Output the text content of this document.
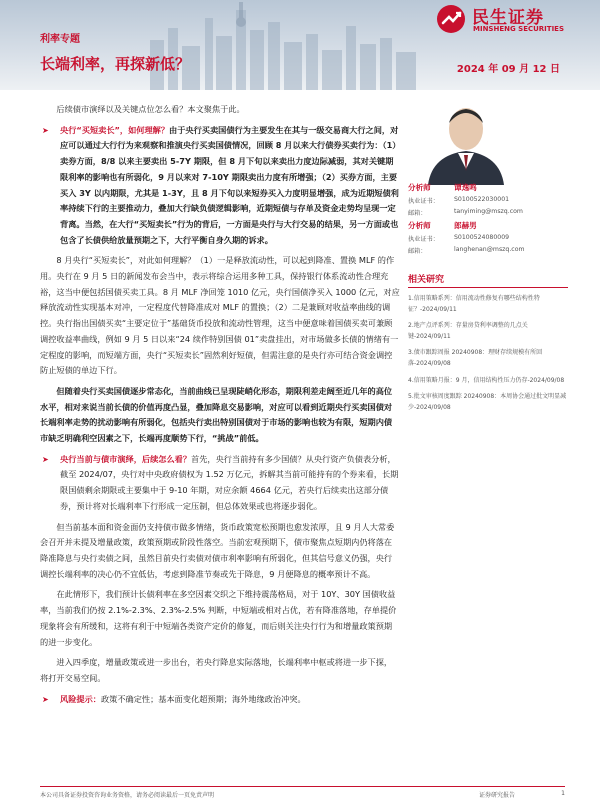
利率专题
长端利率，再探新低？	2024 年 09 月 12 日
民生证券
MINSHENG SECURITIES

后续债市演绎以及关键点位怎么看？本文聚焦于此。

➤ 央行“买短卖长”，如何理解？由于央行买卖国债行为主要发生在其与一级交易商大行之间，对应可以通过大行行为来观察和推演央行买卖国债情况，回顾 8 月以来大行债券买卖行为：（1）卖券方面，8/8 以来主要卖出 5-7Y 期限，但 8 月下旬以来卖出力度边际减弱，其对关键期限利率的影响也有所弱化，9 月以来对 7-10Y 期限卖出力度有所增强；（2）买券方面，主要买入 3Y 以内期限，尤其是 1-3Y，且 8 月下旬以来短券买入力度明显增强，成为近期短债利率持续下行的主要推动力，叠加大行缺负债逻辑影响，近期短债与存单及资金走势均呈现一定背离。当然，在大行“买短卖长”行为的背后，一方面是央行与大行交易的结果，另一方面或也包含了长债供给放量预期之下，大行平衡自身久期的诉求。

8 月央行“买短卖长”，对此如何理解？（1）一是释放流动性，可以起到降准、置换 MLF 的作用。央行在 9 月 5 日的新闻发布会当中，表示将综合运用多种工具，保持银行体系流动性合理充裕，这当中便包括国债买卖工具。8 月 MLF 净回笼 1010 亿元，央行国债净买入 1000 亿元，对应释放流动性实现基本对冲，一定程度代替降准成对 MLF 的置换；（2）二是兼顾对收益率曲线的调控。央行指出国债买卖“主要定位于”基础货币投放和流动性管理，这当中便意味着国债买卖可兼顾调控收益率曲线，例如 9 月 5 日以来“24 续作特别国债 01”卖盘挂出，对市场做多长债的情绪有一定程度的影响，而短端方面，央行“买短卖长”固然利好短债，但需注意的是央行亦可结合资金调控防止短债的单边下行。

但随着央行买卖国债逐步常态化，当前曲线已呈现陡峭化形态，期限利差走阔至近几年的高位水平，相对来说当前长债的价值再度凸显，叠加降息交易影响，对应可以看到近期央行买卖国债对长端利率走势的扰动影响有所弱化，包括央行卖出特别国债对于市场的影响也较为有限，短期内债市缺乏明确利空因素之下，长端再度顺势下行，“挑战”前低。

➤ 央行当前与债市演绎，后续怎么看？首先，央行当前持有多少国债？从央行资产负债表分析，截至 2024/07，央行对中央政府债权为 1.52 万亿元，拆解其当前可能持有的个券来看，长期限国债剩余期限或主要集中于 9-10 年期，对应余额 4664 亿元，若央行后续卖出这部分债券，预计将对长端利率下行形成一定压制，但总体效果或也将逐步弱化。

但当前基本面和资金面仍支持债市做多情绪，货币政策宽松预期也愈发浓厚，且 9 月人大常委会召开并未提及增量政策，政策预期或阶段性落空。当前宏观预期下，债市聚焦点短期内仍将落在降准降息与央行卖债之间，虽然目前央行卖债对债市利率影响有所弱化，但其信号意义仍强，央行调控长端利率的决心仍不宜低估，考虑到降准节奏或先于降息，9 月便降息的概率预计不高。

在此情形下，我们预计长债利率在多空因素交织之下维持震荡格局，对于 10Y、30Y 国债收益率，当前我们仍按 2.1%-2.3%、2.3%-2.5% 判断，中短端或相对占优，若有降准落地，存单提价现象将会有所缓和，这将有利于中短端各类资产定价的修复，而后则关注央行行为和增量政策预期的进一步变化。

进入四季度，增量政策或进一步出台，若央行降息实际落地，长端利率中枢或将进一步下探，将打开交易空间。

➤ 风险提示：政策不确定性；基本面变化超预期；海外地缘政治冲突。

分析师	谭逸鸣
执业证书： S0100522030001
邮箱：	tanyiming@mszq.com
分析师	郎赫男
执业证书： S0100524080009
邮箱：	langhenan@mszq.com
相关研究
1.信用策略系列：信用流动性修复有哪些结构性特征？-2024/09/11
2.地产点评系列：存量房贷利率调整的几点关键-2024/09/11
3.债市跟踪周报 20240908：理财存续规模有所回落-2024/09/08
4.信用策略月报：9 月，信用结构性压力仍存-2024/09/08
5.批文审核周度跟踪 20240908：本周协会通过批文明显减少-2024/09/08
本公司具备证券投资咨询业务资格，请务必阅读最后一页免责声明	证券研究报告	1
